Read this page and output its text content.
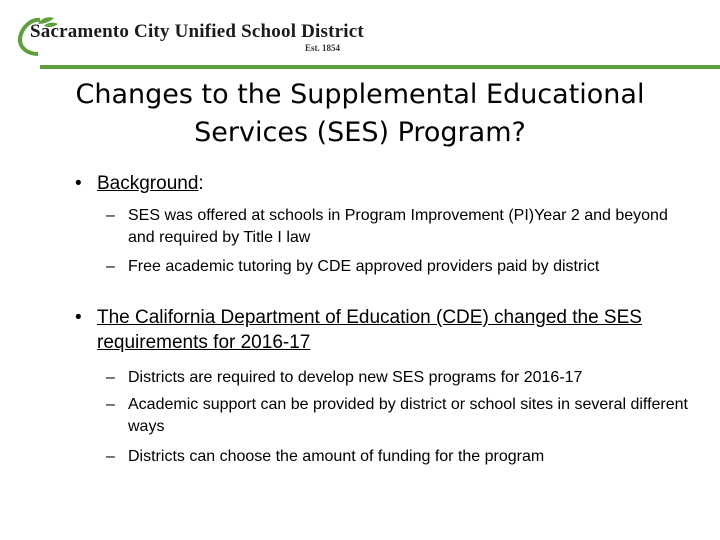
Sacramento City Unified School District
Est. 1854
Changes to the Supplemental Educational Services (SES) Program?
• Background:
– SES was offered at schools in Program Improvement (PI)Year 2 and beyond and required by Title I law
– Free academic tutoring by CDE approved providers paid by district
• The California Department of Education (CDE) changed the SES requirements for 2016-17
– Districts are required to develop new SES programs for 2016-17
– Academic support can be provided by district or school sites in several different ways
– Districts can choose the amount of funding for the program
